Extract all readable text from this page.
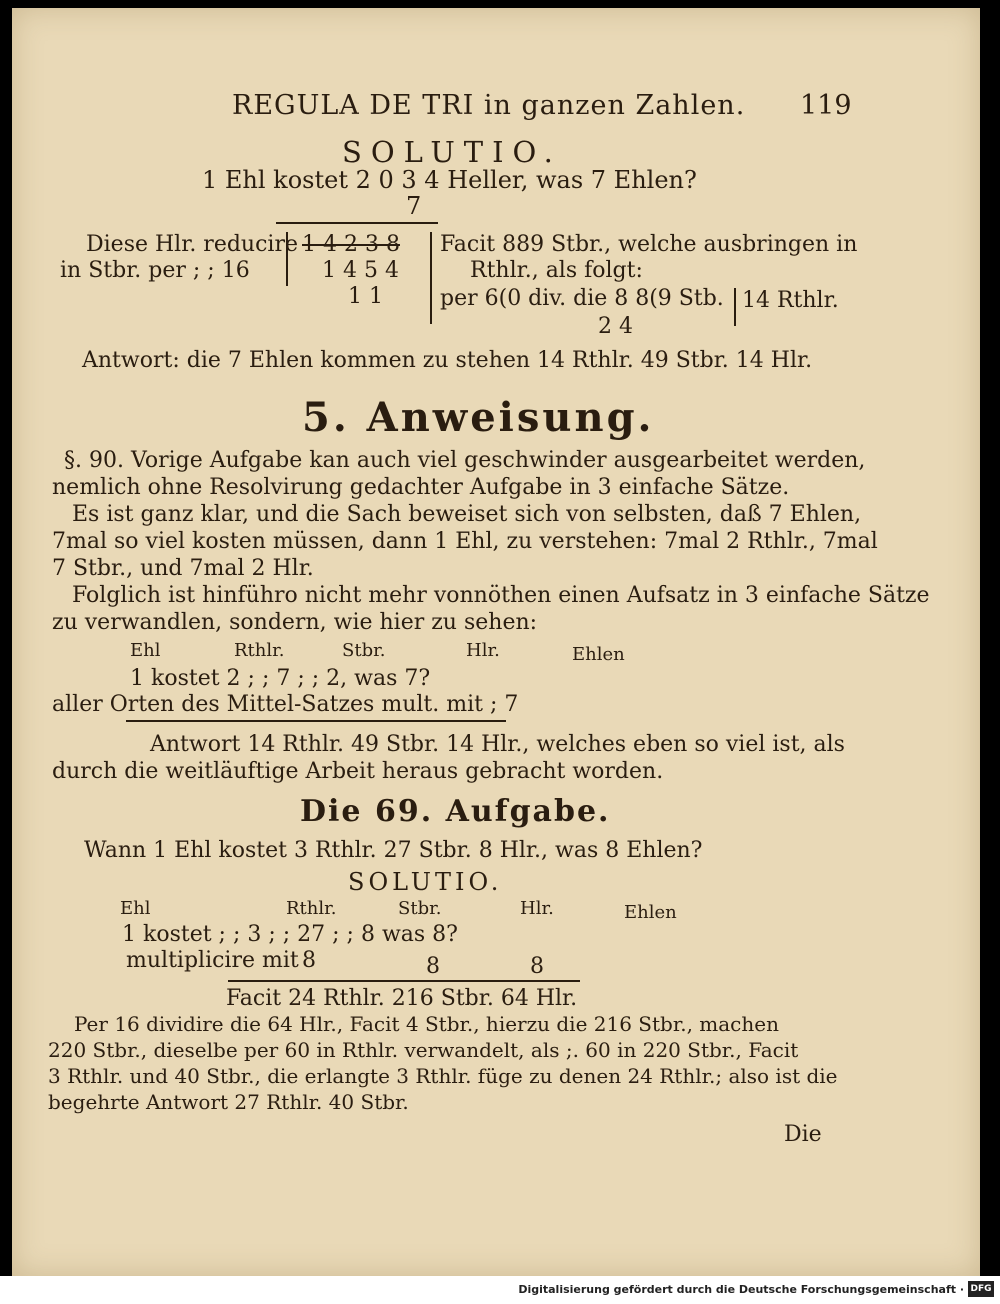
REGULA DE TRI in ganzen Zahlen. 119
SOLUTIO.
1 Ehl kostet 2 0 3 4 Heller, was 7 Ehlen?
7
Diese Hlr. reducire
in Stbr. per ; ; 16
1 4 2 3 8
1 4 5 4
1 1
Facit 889 Stbr., welche ausbringen in
Rthlr., als folgt:
per 6(0 div. die 8 8(9 Stb. 14 Rthlr.
2 4
Antwort: die 7 Ehlen kommen zu stehen 14 Rthlr. 49 Stbr. 14 Hlr.
5. Anweisung.
§. 90. Vorige Aufgabe kan auch viel geschwinder ausgearbeitet werden,
nemlich ohne Resolvirung gedachter Aufgabe in 3 einfache Sätze.
Es ist ganz klar, und die Sach beweiset sich von selbsten, daß 7 Ehlen,
7mal so viel kosten müssen, dann 1 Ehl, zu verstehen: 7mal 2 Rthlr., 7mal
7 Stbr., und 7mal 2 Hlr.
Folglich ist hinführo nicht mehr vonnöthen einen Aufsatz in 3 einfache Sätze
zu verwandlen, sondern, wie hier zu sehen:
Ehl	Rthlr.	Stbr.	Hlr.	Ehlen
1 kostet 2 ; ; 7 ; ; 2, was 7?
aller Orten des Mittel-Satzes mult. mit ; 7
Antwort 14 Rthlr. 49 Stbr. 14 Hlr., welches eben so viel ist, als
durch die weitläuftige Arbeit heraus gebracht worden.
Die 69. Aufgabe.
Wann 1 Ehl kostet 3 Rthlr. 27 Stbr. 8 Hlr., was 8 Ehlen?
SOLUTIO.
Ehl	Rthlr.	Stbr.	Hlr.	Ehlen
1 kostet ; ; 3 ; ; 27 ; ; 8 was 8?
multiplicire mit 8	8	8
Facit 24 Rthlr. 216 Stbr. 64 Hlr.
Per 16 dividire die 64 Hlr., Facit 4 Stbr., hierzu die 216 Stbr., machen
220 Stbr., dieselbe per 60 in Rthlr. verwandelt, als ;. 60 in 220 Stbr., Facit
3 Rthlr. und 40 Stbr., die erlangte 3 Rthlr. füge zu denen 24 Rthlr.; also ist die
begehrte Antwort 27 Rthlr. 40 Stbr.
Die
Digitalisierung gefördert durch die Deutsche Forschungsgemeinschaft · DFG
